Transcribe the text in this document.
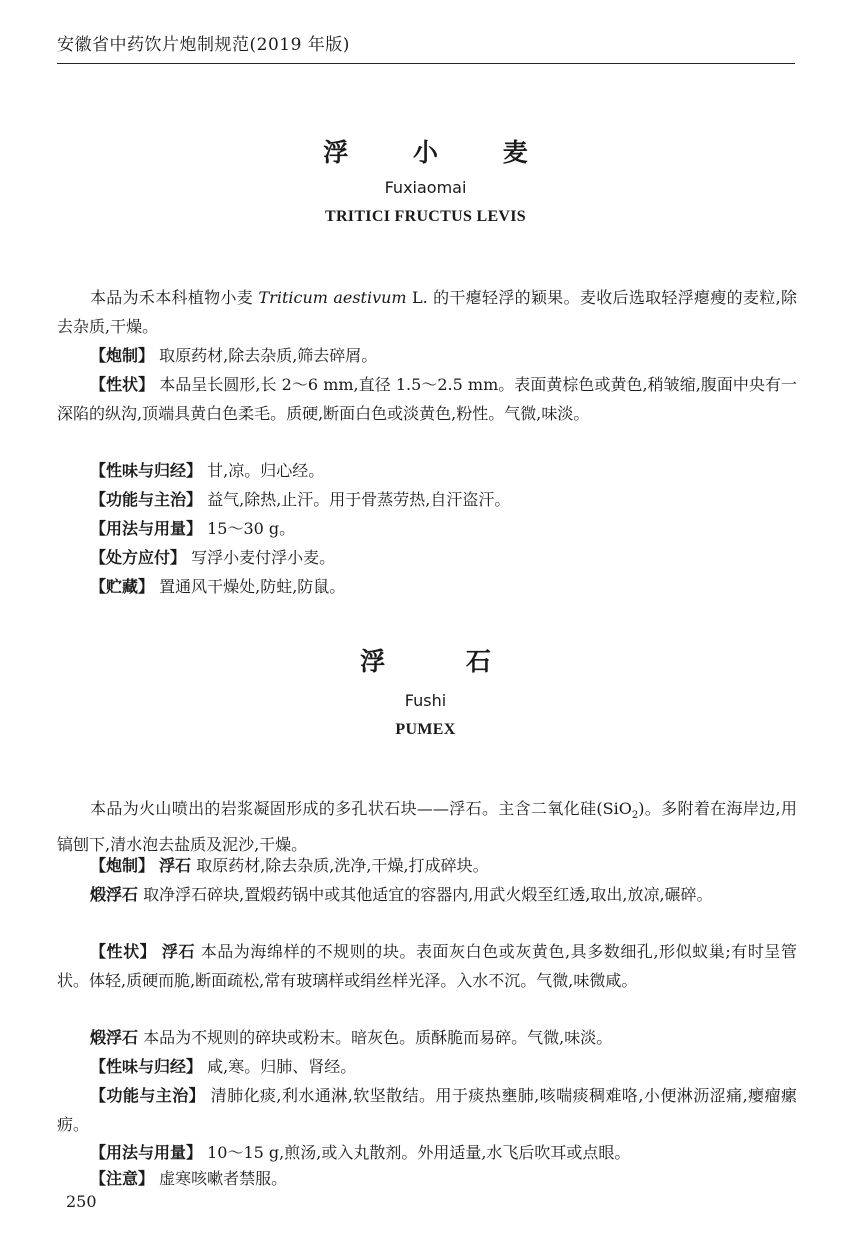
安徽省中药饮片炮制规范(2019 年版)
浮 小 麦
Fuxiaomai
TRITICI FRUCTUS LEVIS
本品为禾本科植物小麦 Triticum aestivum L. 的干瘪轻浮的颖果。麦收后选取轻浮瘪瘦的麦粒,除去杂质,干燥。
【炮制】 取原药材,除去杂质,筛去碎屑。
【性状】 本品呈长圆形,长 2～6 mm,直径 1.5～2.5 mm。表面黄棕色或黄色,稍皱缩,腹面中央有一深陷的纵沟,顶端具黄白色柔毛。质硬,断面白色或淡黄色,粉性。气微,味淡。
【性味与归经】 甘,凉。归心经。
【功能与主治】 益气,除热,止汗。用于骨蒸劳热,自汗盗汗。
【用法与用量】 15～30 g。
【处方应付】 写浮小麦付浮小麦。
【贮藏】 置通风干燥处,防蛀,防鼠。
浮 石
Fushi
PUMEX
本品为火山喷出的岩浆凝固形成的多孔状石块——浮石。主含二氧化硅(SiO$_2$)。多附着在海岸边,用镐刨下,清水泡去盐质及泥沙,干燥。
【炮制】 浮石 取原药材,除去杂质,洗净,干燥,打成碎块。
煅浮石 取净浮石碎块,置煅药锅中或其他适宜的容器内,用武火煅至红透,取出,放凉,碾碎。
【性状】 浮石 本品为海绵样的不规则的块。表面灰白色或灰黄色,具多数细孔,形似蚁巢;有时呈管状。体轻,质硬而脆,断面疏松,常有玻璃样或绢丝样光泽。入水不沉。气微,味微咸。
煅浮石 本品为不规则的碎块或粉末。暗灰色。质酥脆而易碎。气微,味淡。
【性味与归经】 咸,寒。归肺、肾经。
【功能与主治】 清肺化痰,利水通淋,软坚散结。用于痰热壅肺,咳喘痰稠难咯,小便淋沥涩痛,瘿瘤瘰疬。
【用法与用量】 10～15 g,煎汤,或入丸散剂。外用适量,水飞后吹耳或点眼。
【注意】 虚寒咳嗽者禁服。
250
